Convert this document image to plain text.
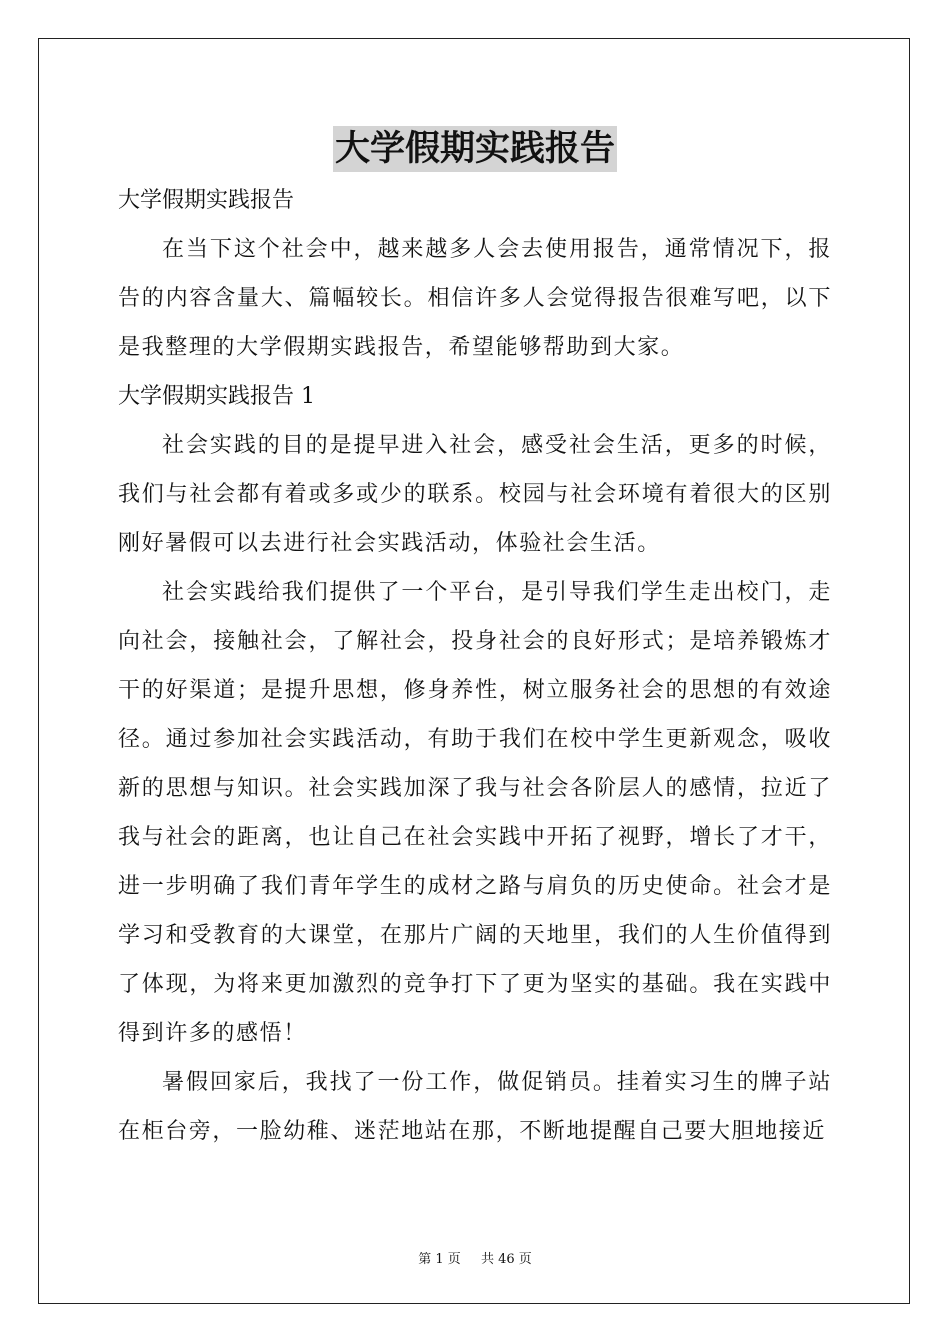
大学假期实践报告
大学假期实践报告
在当下这个社会中，越来越多人会去使用报告，通常情况下，报告的内容含量大、篇幅较长。相信许多人会觉得报告很难写吧，以下是我整理的大学假期实践报告，希望能够帮助到大家。
大学假期实践报告 1
社会实践的目的是提早进入社会，感受社会生活，更多的时候，我们与社会都有着或多或少的联系。校园与社会环境有着很大的区别刚好暑假可以去进行社会实践活动，体验社会生活。
社会实践给我们提供了一个平台，是引导我们学生走出校门，走向社会，接触社会，了解社会，投身社会的良好形式；是培养锻炼才干的好渠道；是提升思想，修身养性，树立服务社会的思想的有效途径。通过参加社会实践活动，有助于我们在校中学生更新观念，吸收新的思想与知识。社会实践加深了我与社会各阶层人的感情，拉近了我与社会的距离，也让自己在社会实践中开拓了视野，增长了才干，进一步明确了我们青年学生的成材之路与肩负的历史使命。社会才是学习和受教育的大课堂，在那片广阔的天地里，我们的人生价值得到了体现，为将来更加激烈的竞争打下了更为坚实的基础。我在实践中得到许多的感悟！
暑假回家后，我找了一份工作，做促销员。挂着实习生的牌子站在柜台旁，一脸幼稚、迷茫地站在那，不断地提醒自己要大胆地接近
第 1 页 共 46 页
